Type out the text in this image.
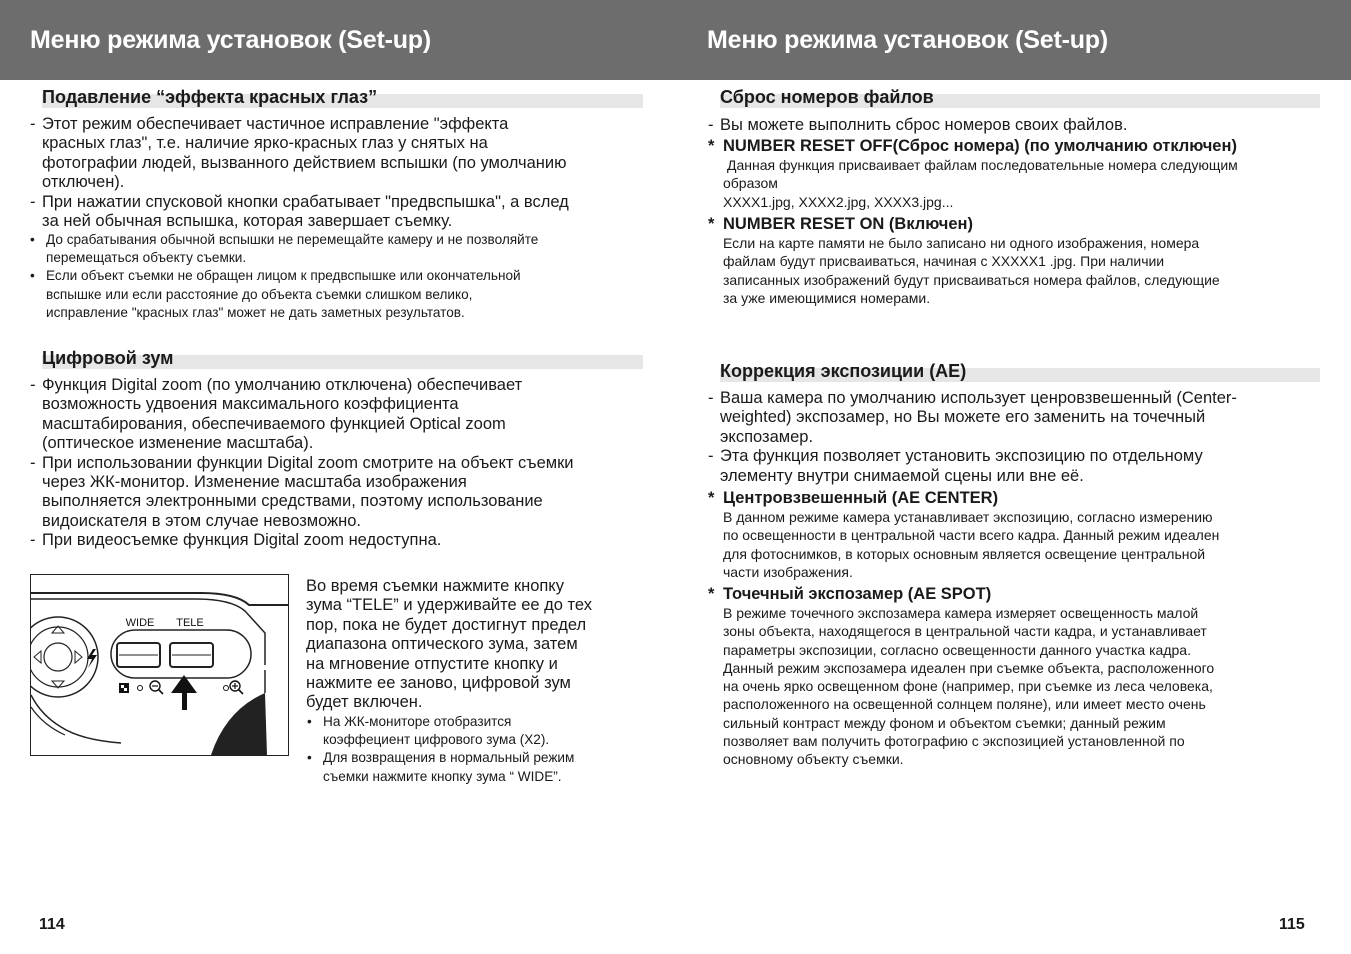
Меню режима установок (Set-up)	Меню режима установок (Set-up)
Подавление “эффекта красных глаз”

- Этот режим обеспечивает частичное исправление "эффекта

красных глаз", т.е. наличие ярко-красных глаз у снятых на

фотографии людей, вызванного действием вспышки (по умолчанию

отключен).

- При нажатии спусковой кнопки срабатывает "предвспышка", а вслед

за ней обычная вспышка, которая завершает съемку.

• До срабатывания обычной вспышки не перемещайте камеру и не позволяйте

перемещаться объекту съемки.

• Если объект съемки не обращен лицом к предвспышке или окончательной

вспышке или если расстояние до объекта съемки слишком велико,

исправление "красных глаз" может не дать заметных результатов.

Цифровой зум

- Функция Digital zoom (по умолчанию отключена) обеспечивает

возможность удвоения максимального коэффициента

масштабирования, обеспечиваемого функцией Optical zoom

(оптическое изменение масштаба).

- При использовании функции Digital zoom смотрите на объект съемки

через ЖК-монитор. Изменение масштаба изображения

выполняется электронными средствами, поэтому использование

видоискателя в этом случае невозможно.

- При видеосъемке функция Digital zoom недоступна.

WIDE TELE

Во время съемки нажмите кнопку

зума “TELE” и удерживайте ее до тех

пор, пока не будет достигнут предел

диапазона оптического зума, затем

на мгновение отпустите кнопку и

нажмите ее заново, цифровой зум

будет включен.

• На ЖК-мониторе отобразится

коэффециент цифрового зума (X2).

• Для возвращения в нормальный режим

съемки нажмите кнопку зума “ WIDE”.

114
Сброс номеров файлов

- Вы можете выполнить сброс номеров своих файлов.

* NUMBER RESET OFF(Сброс номера) (по умолчанию отключен)

Данная функция присваивает файлам последовательные номера следующим

образом

XXXX1.jpg, XXXX2.jpg, XXXX3.jpg...

* NUMBER RESET ON (Включен)

Если на карте памяти не было записано ни одного изображения, номера

файлам будут присваиваться, начиная с XXXXX1 .jpg. При наличии

записанных изображений будут присваиваться номера файлов, следующие

за уже имеющимися номерами.

Коррекция экспозиции (AE)

- Ваша камера по умолчанию использует ценровзвешенный (Center-

weighted) экспозамер, но Вы можете его заменить на точечный

экспозамер.

- Эта функция позволяет установить экспозицию по отдельному

элементу внутри снимаемой сцены или вне её.

* Центровзвешенный (AE CENTER)

В данном режиме камера устанавливает экспозицию, согласно измерению

по освещенности в центральной части всего кадра. Данный режим идеален

для фотоснимков, в которых основным является освещение центральной

части изображения.

* Точечный экспозамер (AE SPOT)

В режиме точечного экспозамера камера измеряет освещенность малой

зоны объекта, находящегося в центральной части кадра, и устанавливает

параметры экспозиции, согласно освещенности данного участка кадра.

Данный режим экспозамера идеален при съемке объекта, расположенного

на очень ярко освещенном фоне (например, при съемке из леса человека,

расположенного на освещенной солнцем поляне), или имеет место очень

сильный контраст между фоном и объектом съемки; данный режим

позволяет вам получить фотографию с экспозицией установленной по

основному объекту съемки.

115
